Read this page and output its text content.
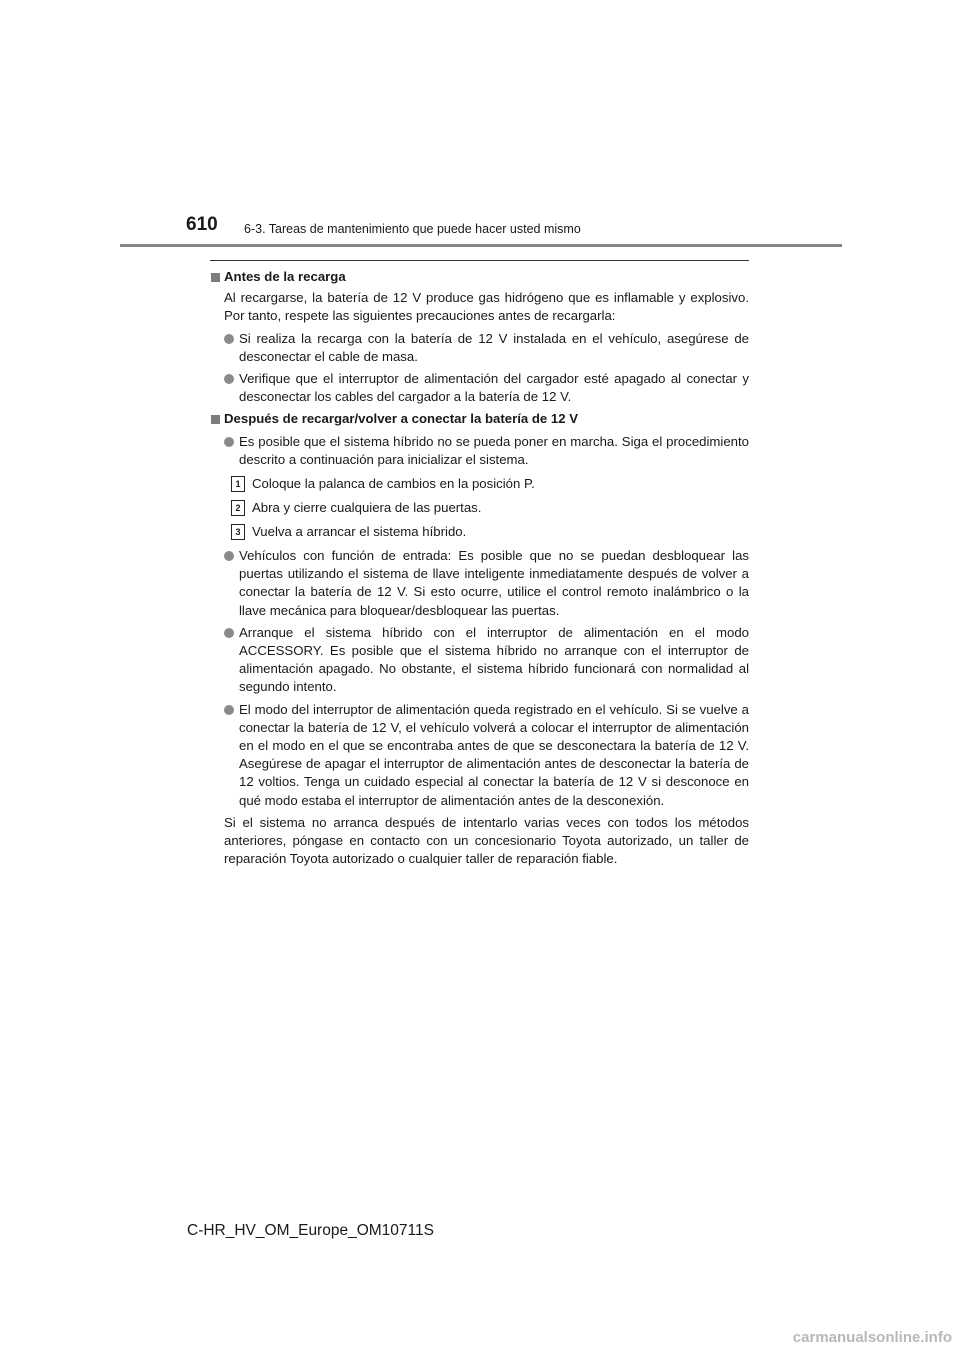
610 6-3. Tareas de mantenimiento que puede hacer usted mismo
Antes de la recarga
Al recargarse, la batería de 12 V produce gas hidrógeno que es inflamable y explosivo. Por tanto, respete las siguientes precauciones antes de recargarla:
Si realiza la recarga con la batería de 12 V instalada en el vehículo, asegúrese de desconectar el cable de masa.
Verifique que el interruptor de alimentación del cargador esté apagado al conectar y desconectar los cables del cargador a la batería de 12 V.
Después de recargar/volver a conectar la batería de 12 V
Es posible que el sistema híbrido no se pueda poner en marcha. Siga el procedimiento descrito a continuación para inicializar el sistema.
1 Coloque la palanca de cambios en la posición P.
2 Abra y cierre cualquiera de las puertas.
3 Vuelva a arrancar el sistema híbrido.
Vehículos con función de entrada: Es posible que no se puedan desbloquear las puertas utilizando el sistema de llave inteligente inmediatamente después de volver a conectar la batería de 12 V. Si esto ocurre, utilice el control remoto inalámbrico o la llave mecánica para bloquear/desbloquear las puertas.
Arranque el sistema híbrido con el interruptor de alimentación en el modo ACCESSORY. Es posible que el sistema híbrido no arranque con el interruptor de alimentación apagado. No obstante, el sistema híbrido funcionará con normalidad al segundo intento.
El modo del interruptor de alimentación queda registrado en el vehículo. Si se vuelve a conectar la batería de 12 V, el vehículo volverá a colocar el interruptor de alimentación en el modo en el que se encontraba antes de que se desconectara la batería de 12 V. Asegúrese de apagar el interruptor de alimentación antes de desconectar la batería de 12 voltios. Tenga un cuidado especial al conectar la batería de 12 V si desconoce en qué modo estaba el interruptor de alimentación antes de la desconexión.
Si el sistema no arranca después de intentarlo varias veces con todos los métodos anteriores, póngase en contacto con un concesionario Toyota autorizado, un taller de reparación Toyota autorizado o cualquier taller de reparación fiable.
C-HR_HV_OM_Europe_OM10711S
carmanualsonline.info
